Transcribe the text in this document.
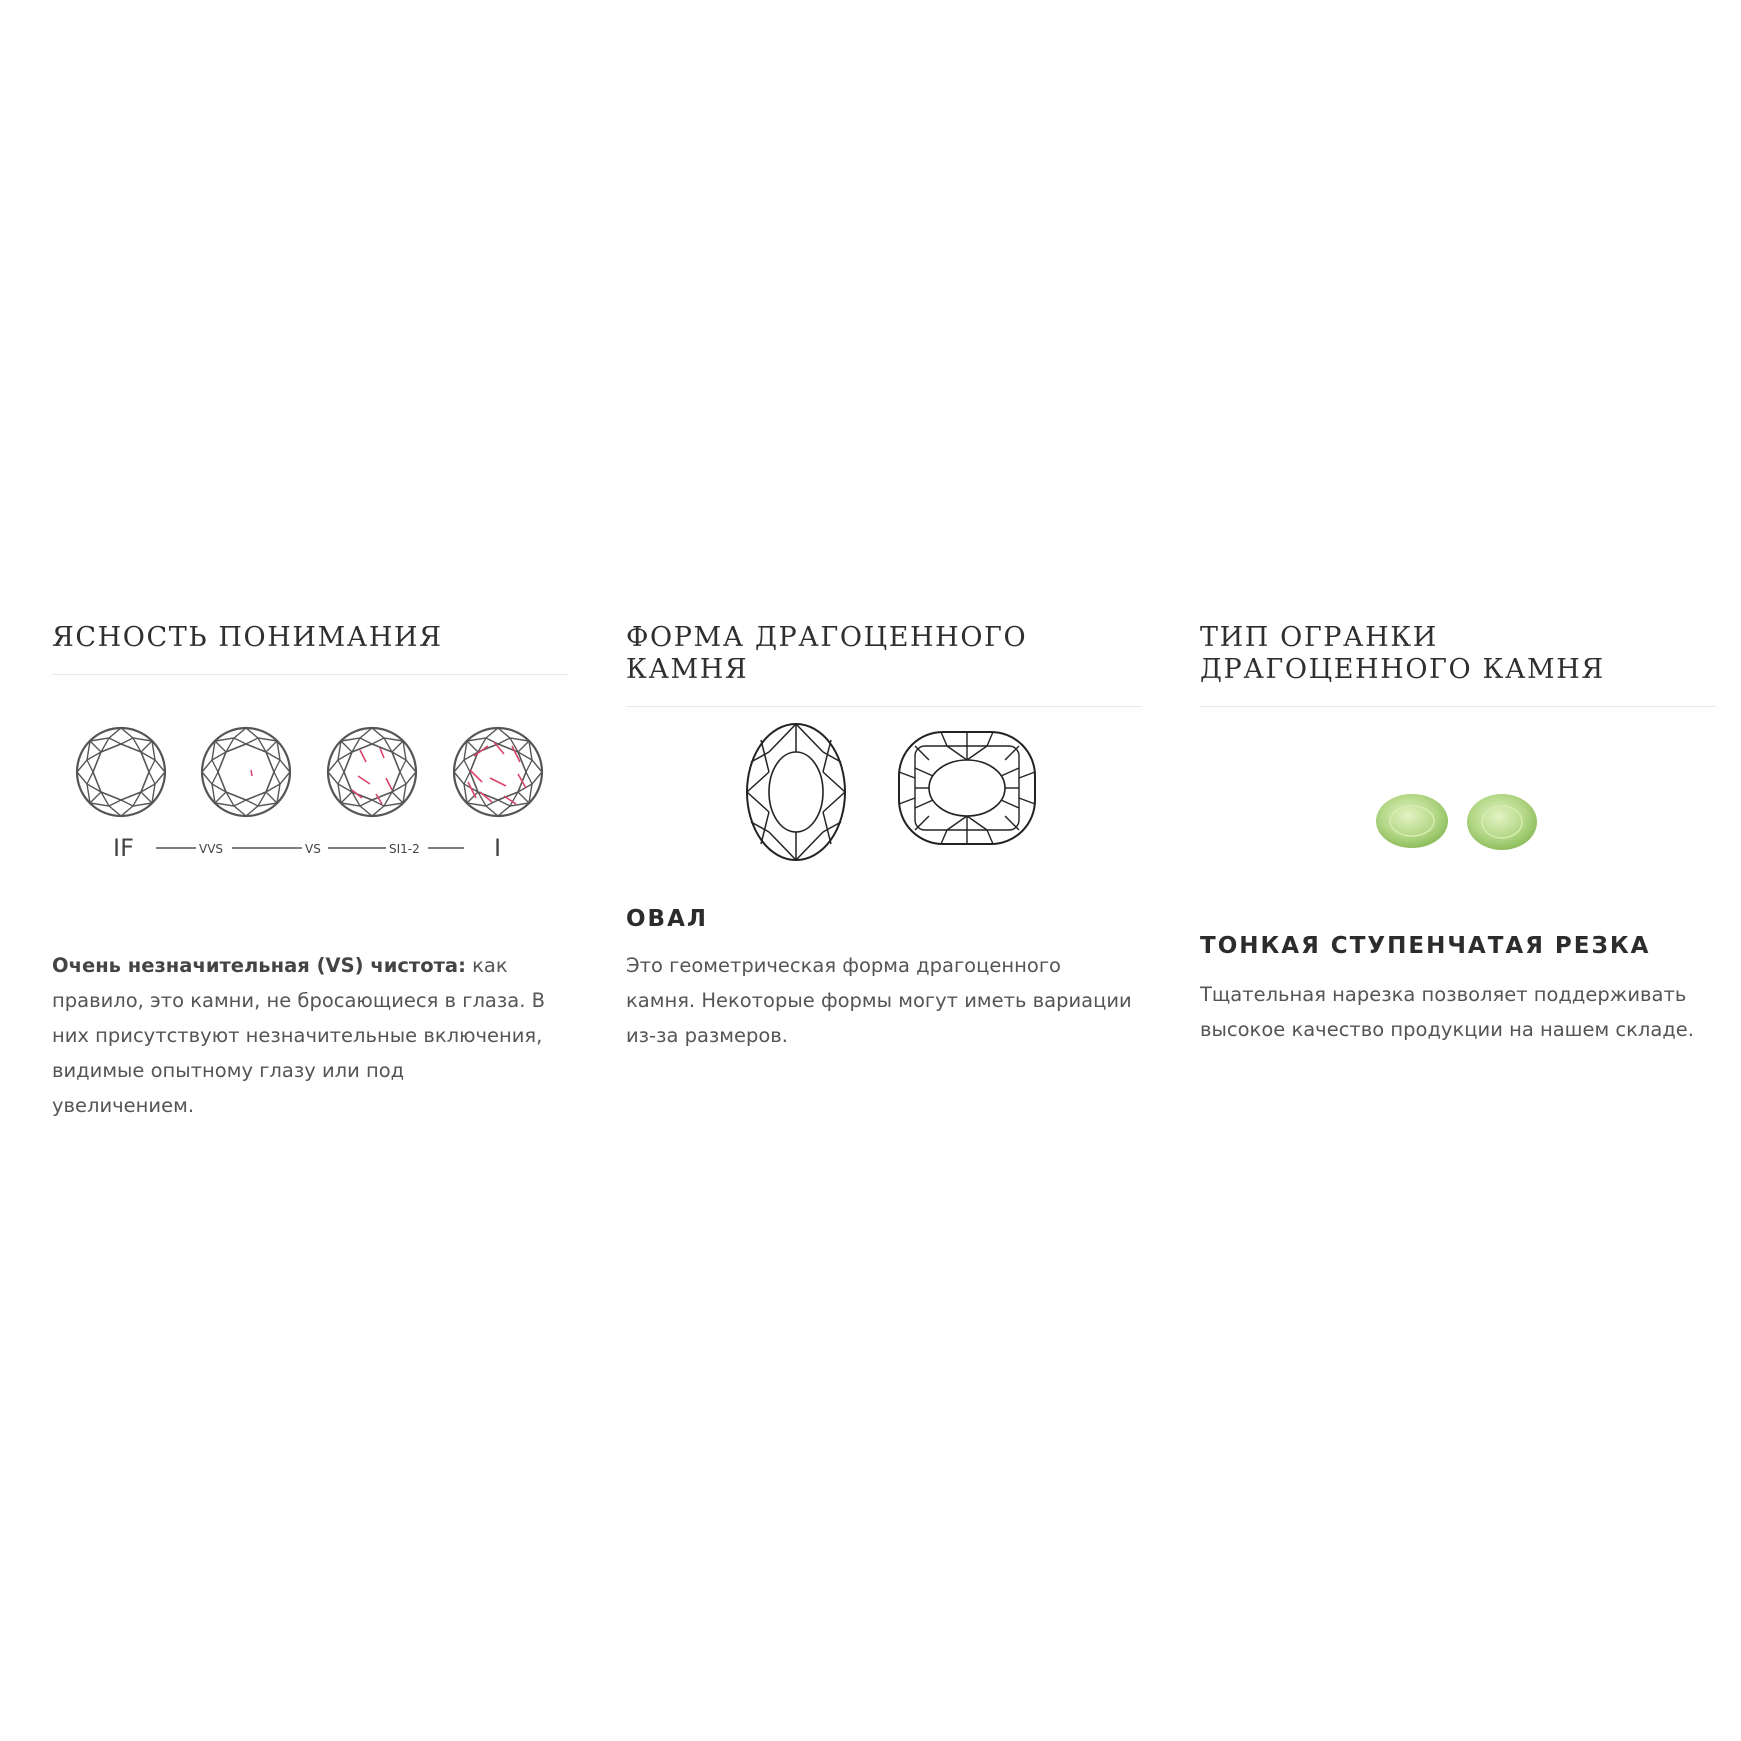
ЯСНОСТЬ ПОНИМАНИЯ
IF	VVS	VS	SI1-2	I

Очень незначительная (VS) чистота: как правило, это камни, не бросающиеся в глаза. В них присутствуют незначительные включения, видимые опытному глазу или под увеличением.

ФОРМА ДРАГОЦЕННОГО КАМНЯ
ОВАЛ

Это геометрическая форма драгоценного камня. Некоторые формы могут иметь вариации из-за размеров.

ТИП ОГРАНКИ ДРАГОЦЕННОГО КАМНЯ
ТОНКАЯ СТУПЕНЧАТАЯ РЕЗКА

Тщательная нарезка позволяет поддерживать высокое качество продукции на нашем складе.
